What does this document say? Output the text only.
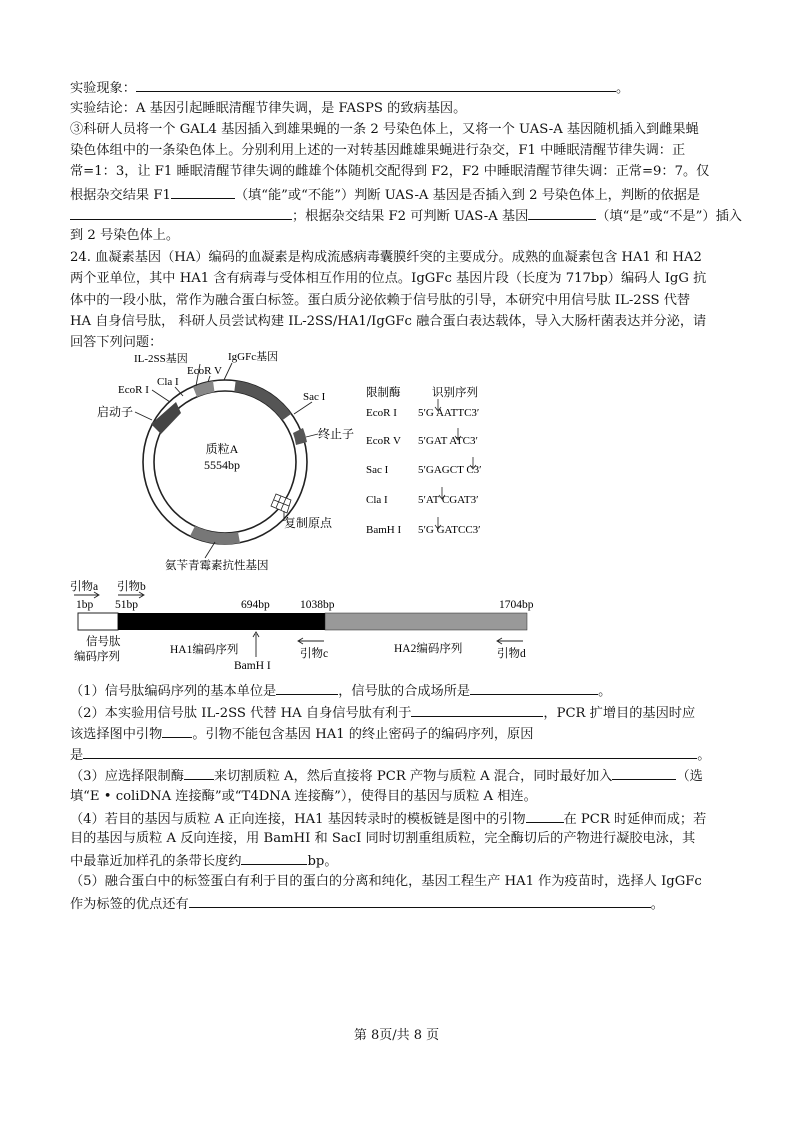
实验现象：	。
实验结论：A 基因引起睡眠清醒节律失调，是 FASPS 的致病基因。
③科研人员将一个 GAL4 基因插入到雄果蝇的一条 2 号染色体上，又将一个 UAS-A 基因随机插入到雌果蝇
染色体组中的一条染色体上。分别利用上述的一对转基因雌雄果蝇进行杂交，F1 中睡眠清醒节律失调：正
常=1：3，让 F1 睡眠清醒节律失调的雌雄个体随机交配得到 F2，F2 中睡眠清醒节律失调：正常=9：7。仅
根据杂交结果 F1	（填“能”或“不能”）判断 UAS-A 基因是否插入到 2 号染色体上，判断的依据是
；根据杂交结果 F2 可判断 UAS-A 基因	（填“是”或“不是”）插入
到 2 号染色体上。
24. 血凝素基因（HA）编码的血凝素是构成流感病毒囊膜纤突的主要成分。成熟的血凝素包含 HA1 和 HA2
两个亚单位，其中 HA1 含有病毒与受体相互作用的位点。IgGFc 基因片段（长度为 717bp）编码人 IgG 抗
体中的一段小肽，常作为融合蛋白标签。蛋白质分泌依赖于信号肽的引导，本研究中用信号肽 IL-2SS 代替
HA 自身信号肽， 科研人员尝试构建 IL-2SS/HA1/IgGFc 融合蛋白表达载体，导入大肠杆菌表达并分泌，请
回答下列问题：
质粒A
5554bp
IL-2SS基因	IgGFc基因
EcoR V
Cla I
EcoR I
Sac I
启动子
终止子
复制原点
氨苄青霉素抗性基因
限制酶	识别序列
EcoR I 5′G AATTC3′
EcoR V 5′GAT ATC3′
Sac I	5′GAGCT C3′
Cla I	5′AT CGAT3′
BamH I 5′G GATCC3′
引物a 引物b
1bp 51bp	694bp	1038bp	1704bp
信号肽
编码序列
HA1编码序列	HA2编码序列
BamH I
引物c	引物d
（1）信号肽编码序列的基本单位是	，信号肽的合成场所是	。
（2）本实验用信号肽 IL-2SS 代替 HA 自身信号肽有利于	，PCR 扩增目的基因时应
该选择图中引物 。引物不能包含基因 HA1 的终止密码子的编码序列，原因
是	。
（3）应选择限制酶 来切割质粒 A，然后直接将 PCR 产物与质粒 A 混合，同时最好加入	（选
填“E • coliDNA 连接酶”或“T4DNA 连接酶”），使得目的基因与质粒 A 相连。
（4）若目的基因与质粒 A 正向连接，HA1 基因转录时的模板链是图中的引物	在 PCR 时延伸而成；若
目的基因与质粒 A 反向连接，用 BamHI 和 SacI 同时切割重组质粒，完全酶切后的产物进行凝胶电泳，其
中最靠近加样孔的条带长度约	bp。
（5）融合蛋白中的标签蛋白有利于目的蛋白的分离和纯化，基因工程生产 HA1 作为疫苗时，选择人 IgGFc
作为标签的优点还有	。
第 8页/共 8 页
